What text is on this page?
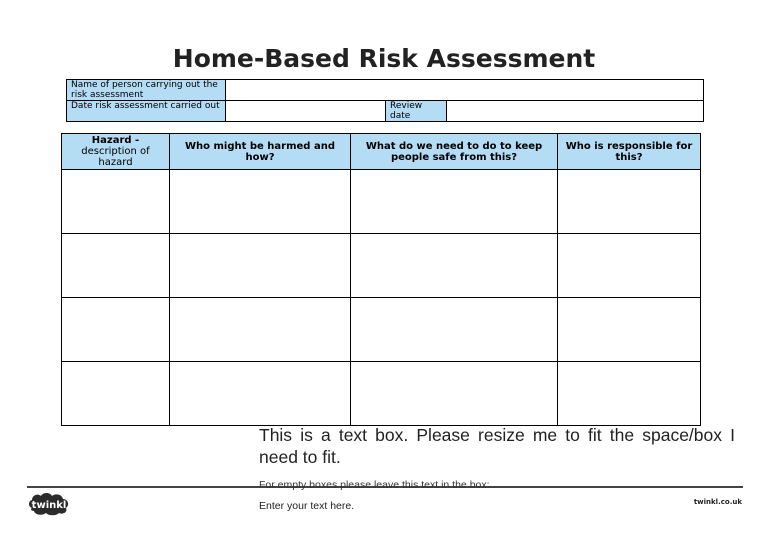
Home-Based Risk Assessment
Name of person carrying out the risk assessment			
Date risk assessment carried out		Review date	
Hazard -
description of hazard	Who might be harmed and how?	What do we need to do to keep people safe from this?	Who is responsible for this?

This is a text box. Please resize me to fit the space/box I need to fit.
For empty boxes please leave this text in the box:
Enter your text here.
twinkl	twinkl.co.uk
